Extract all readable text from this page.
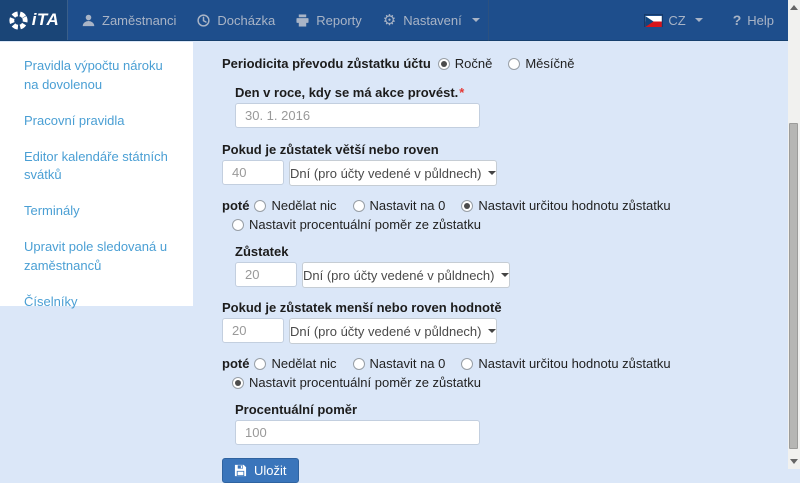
iTA	Zaměstnanci	Docházka	Reporty ⚙ Nastavení	CZ	? Help
Pravidla výpočtu nároku na dovolenou
Pracovní pravidla
Editor kalendáře státních svátků
Terminály
Upravit pole sledovaná u zaměstnanců
Číselníky
Periodicita převodu zůstatku účtu Ročně	Měsíčně
Den v roce, kdy se má akce provést.*
30. 1. 2016
Pokud je zůstatek větší nebo roven
40
Dní (pro účty vedené v půldnech)
poté Nedělat nic	Nastavit na 0	Nastavit určitou hodnotu zůstatku
Nastavit procentuální poměr ze zůstatku
Zůstatek
20
Dní (pro účty vedené v půldnech)
Pokud je zůstatek menší nebo roven hodnotě
20
Dní (pro účty vedené v půldnech)
poté Nedělat nic	Nastavit na 0	Nastavit určitou hodnotu zůstatku
Nastavit procentuální poměr ze zůstatku
Procentuální poměr
100
Uložit
